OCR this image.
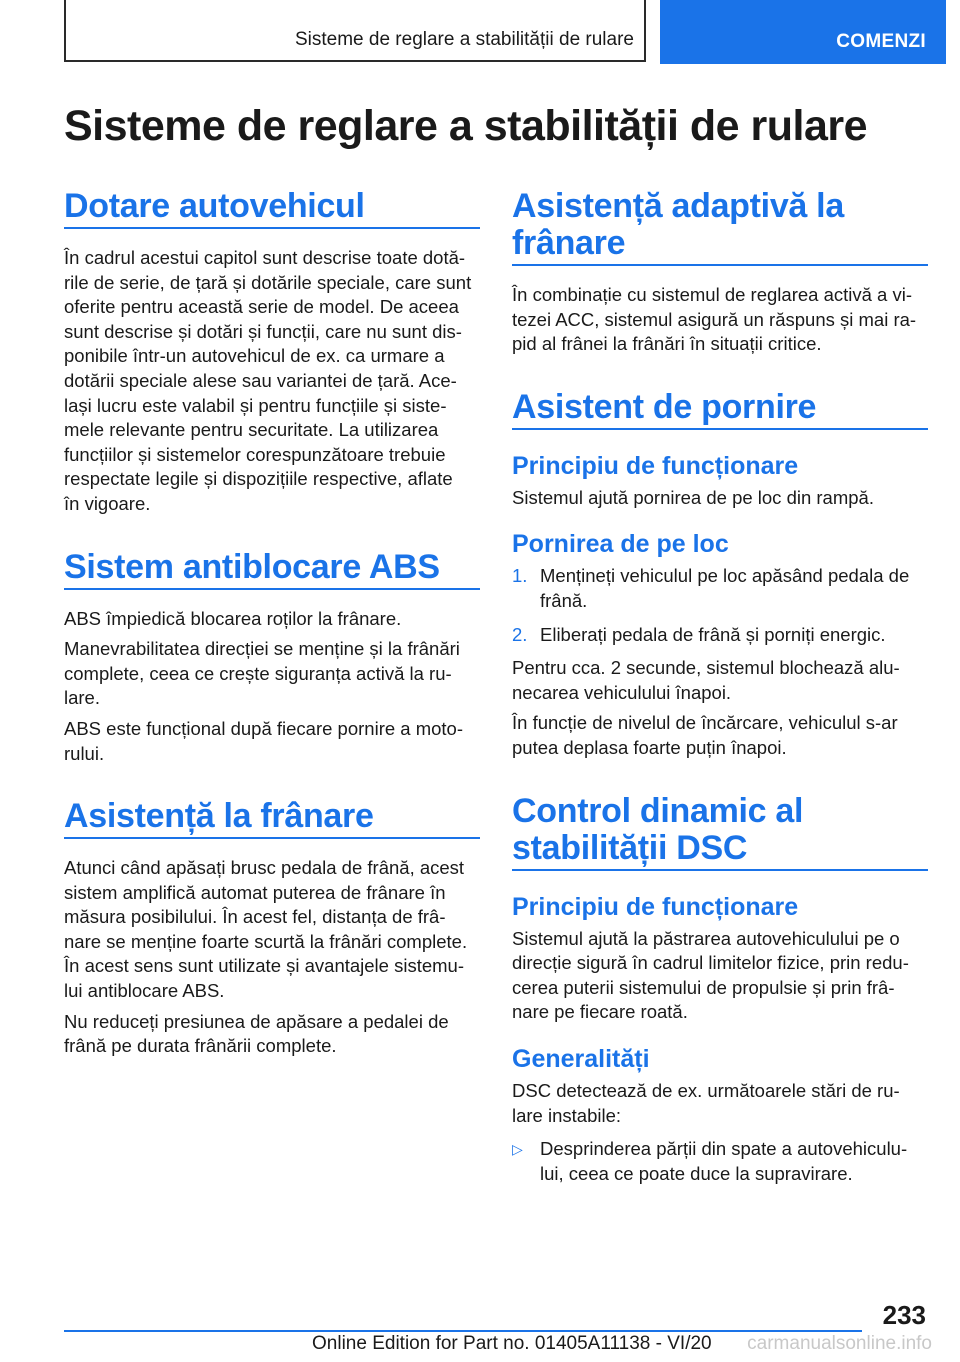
Sisteme de reglare a stabilității de rulare	COMENZI
Sisteme de reglare a stabilității de rulare
Dotare autovehicul
În cadrul acestui capitol sunt descrise toate dotă‐
rile de serie, de țară și dotările speciale, care sunt
oferite pentru această serie de model. De aceea
sunt descrise și dotări și funcții, care nu sunt dis‐
ponibile într-un autovehicul de ex. ca urmare a
dotării speciale alese sau variantei de țară. Ace‐
lași lucru este valabil și pentru funcțiile și siste‐
mele relevante pentru securitate. La utilizarea
funcțiilor și sistemelor corespunzătoare trebuie
respectate legile și dispozițiile respective, aflate
în vigoare.
Sistem antiblocare ABS
ABS împiedică blocarea roților la frânare.
Manevrabilitatea direcției se menține și la frânări
complete, ceea ce crește siguranța activă la ru‐
lare.
ABS este funcțional după fiecare pornire a moto‐
rului.
Asistență la frânare
Atunci când apăsați brusc pedala de frână, acest
sistem amplifică automat puterea de frânare în
măsura posibilului. În acest fel, distanța de frâ‐
nare se menține foarte scurtă la frânări complete.
În acest sens sunt utilizate și avantajele sistemu‐
lui antiblocare ABS.
Nu reduceți presiunea de apăsare a pedalei de
frână pe durata frânării complete.
Asistență adaptivă la
frânare
În combinație cu sistemul de reglarea activă a vi‐
tezei ACC, sistemul asigură un răspuns și mai ra‐
pid al frânei la frânări în situații critice.
Asistent de pornire
Principiu de funcționare
Sistemul ajută pornirea de pe loc din rampă.
Pornirea de pe loc
1. Mențineți vehiculul pe loc apăsând pedala de
frână.
2. Eliberați pedala de frână și porniți energic.
Pentru cca. 2 secunde, sistemul blochează alu‐
necarea vehiculului înapoi.
În funcție de nivelul de încărcare, vehiculul s-ar
putea deplasa foarte puțin înapoi.
Control dinamic al
stabilității DSC
Principiu de funcționare
Sistemul ajută la păstrarea autovehiculului pe o
direcție sigură în cadrul limitelor fizice, prin redu‐
cerea puterii sistemului de propulsie și prin frâ‐
nare pe fiecare roată.
Generalități
DSC detectează de ex. următoarele stări de ru‐
lare instabile:
▷ Desprinderea părții din spate a autovehiculu‐
lui, ceea ce poate duce la supravirare.
233
Online Edition for Part no. 01405A11138 - VI/20 carmanualsonline.info
